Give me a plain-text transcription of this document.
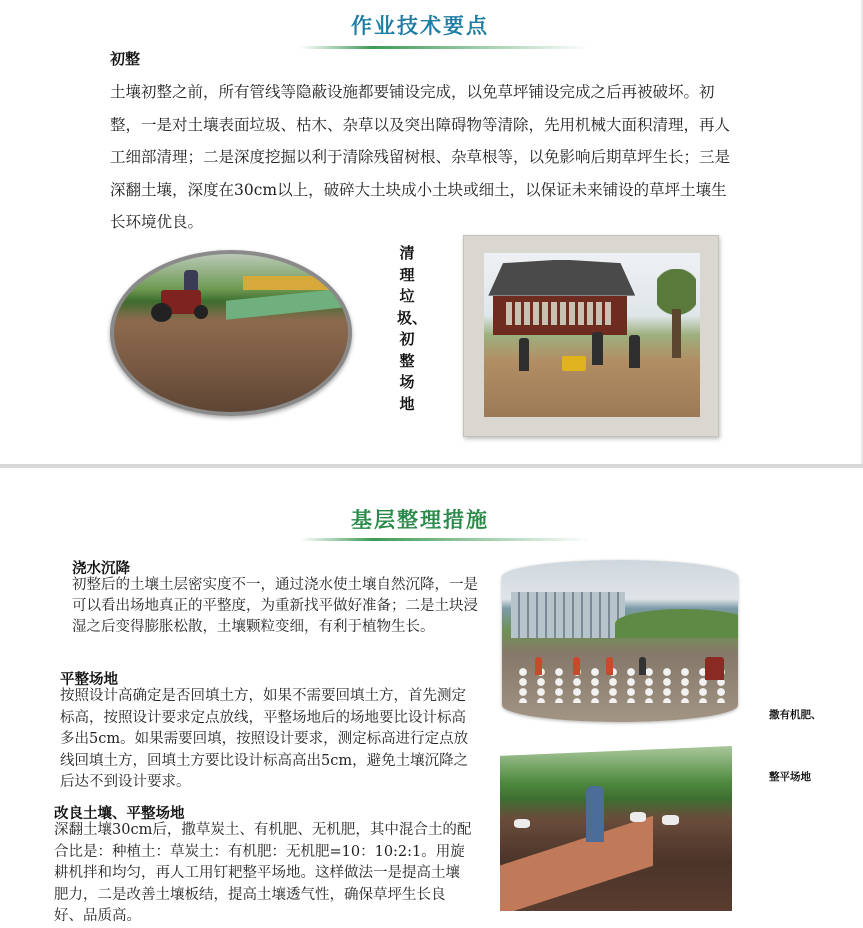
作业技术要点
初整

土壤初整之前，所有管线等隐蔽设施都要铺设完成，以免草坪铺设完成之后再被破坏。初整，一是对土壤表面垃圾、枯木、杂草以及突出障碍物等清除，先用机械大面积清理，再人工细部清理；二是深度挖掘以利于清除残留树根、杂草根等，以免影响后期草坪生长；三是深翻土壤，深度在30cm以上，破碎大土块成小土块或细土，以保证未来铺设的草坪土壤生长环境优良。

清理垃圾、初整场地
基层整理措施
浇水沉降

初整后的土壤土层密实度不一，通过浇水使土壤自然沉降，一是可以看出场地真正的平整度，为重新找平做好准备；二是土块浸湿之后变得膨胀松散，土壤颗粒变细，有利于植物生长。

平整场地

按照设计高确定是否回填土方，如果不需要回填土方，首先测定标高，按照设计要求定点放线，平整场地后的场地要比设计标高多出5cm。如果需要回填，按照设计要求，测定标高进行定点放线回填土方，回填土方要比设计标高高出5cm，避免土壤沉降之后达不到设计要求。

改良土壤、平整场地

深翻土壤30cm后，撒草炭土、有机肥、无机肥，其中混合土的配合比是：种植土：草炭土：有机肥：无机肥=10：10:2:1。用旋耕机拌和均匀，再人工用钉耙整平场地。这样做法一是提高土壤肥力，二是改善土壤板结，提高土壤透气性，确保草坪生长良好、品质高。

撒有机肥、
整平场地
